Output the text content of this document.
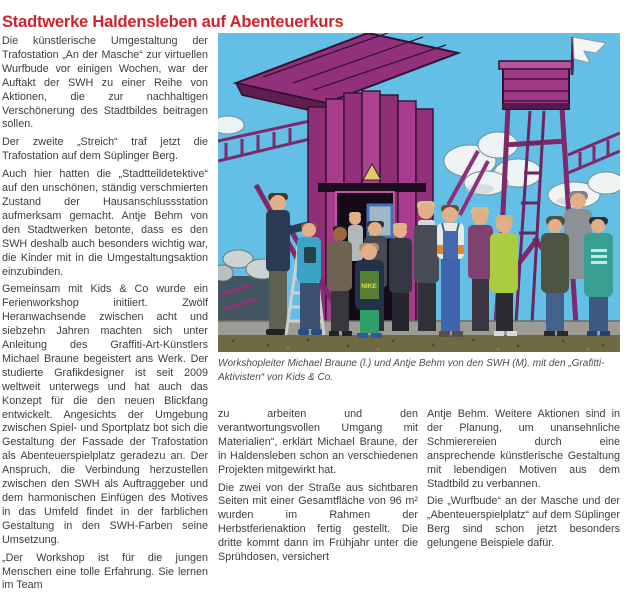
Stadtwerke Haldensleben auf Abenteuerkurs

Die künstlerische Umgestaltung der Trafostation „An der Masche“ zur virtuellen Wurfbude vor einigen Wochen, war der Auftakt der SWH zu einer Reihe von Aktionen, die zur nachhaltigen Verschönerung des Stadtbildes beitragen sollen.

Der zweite „Streich“ traf jetzt die Trafostation auf dem Süplinger Berg.

Auch hier hatten die „Stadtteildetektive“ auf den unschönen, ständig verschmierten Zustand der Hausanschlussstation aufmerksam gemacht. Antje Behm von den Stadtwerken betonte, dass es den SWH deshalb auch besonders wichtig war, die Kinder mit in die Umgestaltungsaktion einzubinden.

Gemeinsam mit Kids & Co wurde ein Ferienworkshop initiiert. Zwölf Heranwachsende zwischen acht und siebzehn Jahren machten sich unter Anleitung des Graffiti-Art-Künstlers Michael Braune begeistert ans Werk. Der studierte Grafikdesigner ist seit 2009 weltweit unterwegs und hat auch das Konzept für die den neuen Blickfang entwickelt. Angesichts der Umgebung zwischen Spiel- und Sportplatz bot sich die Gestaltung der Fassade der Trafostation als Abenteuerspielplatz geradezu an. Der Anspruch, die Verbindung herzustellen zwischen den SWH als Auftraggeber und dem harmonischen Einfügen des Motives in das Umfeld findet in der farblichen Gestaltung in den SWH-Farben seine Umsetzung.

„Der Workshop ist für die jungen Menschen eine tolle Erfahrung. Sie lernen im Team

NIKE
Workshopleiter Michael Braune (l.) und Antje Behm von den SWH (M). mit den „Grafitti-Aktivisten“ von Kids & Co.

zu arbeiten und den verantwortungsvollen Umgang mit Materialien“, erklärt Michael Braune, der in Haldensleben schon an verschiedenen Projekten mitgewirkt hat.

Die zwei von der Straße aus sichtbaren Seiten mit einer Gesamtfläche von 96 m² wurden im Rahmen der Herbstferienaktion fertig gestellt. Die dritte kommt dann im Frühjahr unter die Sprühdosen, versichert

Antje Behm. Weitere Aktionen sind in der Planung, um unansehnliche Schmierereien durch eine ansprechende künstlerische Gestaltung mit lebendigen Motiven aus dem Stadtbild zu verbannen.

Die „Wurfbude“ an der Masche und der „Abenteuerspielplatz“ auf dem Süplinger Berg sind schon jetzt besonders gelungene Beispiele dafür.
